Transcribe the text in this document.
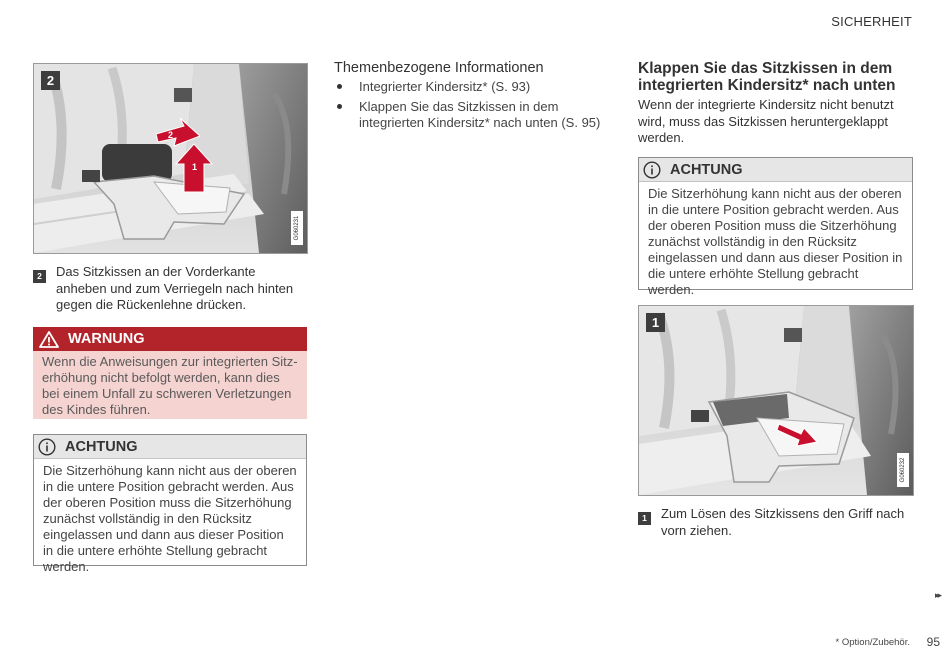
SICHERHEIT
2
1
2
G060231
2	Das Sitzkissen an der Vorderkante anheben und zum Verriegeln nach hinten gegen die Rückenlehne drücken.
WARNUNG
Wenn die Anweisungen zur integrierten Sitzerhöhung nicht befolgt werden, kann dies bei einem Unfall zu schweren Verletzungen des Kindes führen.
ACHTUNG
Die Sitzerhöhung kann nicht aus der oberen in die untere Position gebracht werden. Aus der oberen Position muss die Sitzerhöhung zunächst vollständig in den Rücksitz eingelassen und dann aus dieser Position in die untere erhöhte Stellung gebracht werden.
Themenbezogene Informationen
Integrierter Kindersitz* (S. 93)
Klappen Sie das Sitzkissen in dem integrierten Kindersitz* nach unten (S. 95)
Klappen Sie das Sitzkissen in dem integrierten Kindersitz* nach unten
Wenn der integrierte Kindersitz nicht benutzt wird, muss das Sitzkissen heruntergeklappt werden.
ACHTUNG
Die Sitzerhöhung kann nicht aus der oberen in die untere Position gebracht werden. Aus der oberen Position muss die Sitzerhöhung zunächst vollständig in den Rücksitz eingelassen und dann aus dieser Position in die untere erhöhte Stellung gebracht werden.
1
G060232
1	Zum Lösen des Sitzkissens den Griff nach vorn ziehen.
▸▸
* Option/Zubehör. 95
